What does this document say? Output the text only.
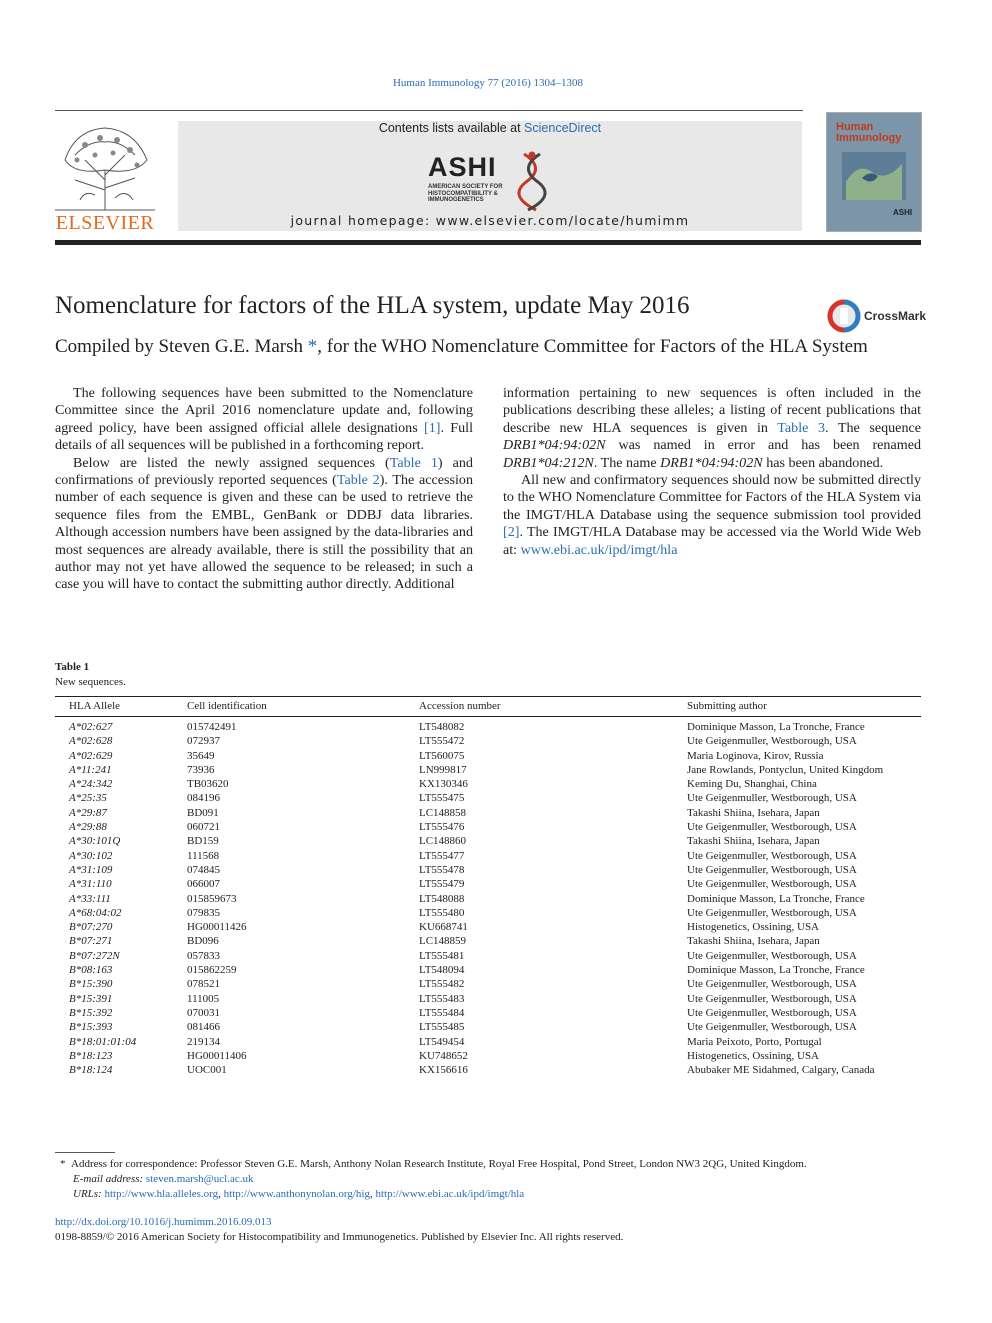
Human Immunology 77 (2016) 1304–1308
ELSEVIER
Contents lists available at ScienceDirect
ASHI
AMERICAN SOCIETY FOR HISTOCOMPATIBILITY & IMMUNOGENETICS
journal homepage: www.elsevier.com/locate/humimm
Human Immunology
ASHI
Nomenclature for factors of the HLA system, update May 2016	CrossMark
Compiled by Steven G.E. Marsh *, for the WHO Nomenclature Committee for Factors of the HLA System

The following sequences have been submitted to the Nomenclature Committee since the April 2016 nomenclature update and, following agreed policy, have been assigned official allele designations [1]. Full details of all sequences will be published in a forthcoming report.

Below are listed the newly assigned sequences (Table 1) and confirmations of previously reported sequences (Table 2). The accession number of each sequence is given and these can be used to retrieve the sequence files from the EMBL, GenBank or DDBJ data libraries. Although accession numbers have been assigned by the data-libraries and most sequences are already available, there is still the possibility that an author may not yet have allowed the sequence to be released; in such a case you will have to contact the submitting author directly. Additional

information pertaining to new sequences is often included in the publications describing these alleles; a listing of recent publications that describe new HLA sequences is given in Table 3. The sequence DRB1*04:94:02N was named in error and has been renamed DRB1*04:212N. The name DRB1*04:94:02N has been abandoned.

All new and confirmatory sequences should now be submitted directly to the WHO Nomenclature Committee for Factors of the HLA System via the IMGT/HLA Database using the sequence submission tool provided [2]. The IMGT/HLA Database may be accessed via the World Wide Web at: www.ebi.ac.uk/ipd/imgt/hla

Table 1
New sequences.
HLA Allele	Cell identification	Accession number	Submitting author
A*02:627	015742491	LT548082	Dominique Masson, La Tronche, France
A*02:628	072937	LT555472	Ute Geigenmuller, Westborough, USA
A*02:629	35649	LT560075	Maria Loginova, Kirov, Russia
A*11:241	73936	LN999817	Jane Rowlands, Pontyclun, United Kingdom
A*24:342	TB03620	KX130346	Keming Du, Shanghai, China
A*25:35	084196	LT555475	Ute Geigenmuller, Westborough, USA
A*29:87	BD091	LC148858	Takashi Shiina, Isehara, Japan
A*29:88	060721	LT555476	Ute Geigenmuller, Westborough, USA
A*30:101Q	BD159	LC148860	Takashi Shiina, Isehara, Japan
A*30:102	111568	LT555477	Ute Geigenmuller, Westborough, USA
A*31:109	074845	LT555478	Ute Geigenmuller, Westborough, USA
A*31:110	066007	LT555479	Ute Geigenmuller, Westborough, USA
A*33:111	015859673	LT548088	Dominique Masson, La Tronche, France
A*68:04:02	079835	LT555480	Ute Geigenmuller, Westborough, USA
B*07:270	HG00011426	KU668741	Histogenetics, Ossining, USA
B*07:271	BD096	LC148859	Takashi Shiina, Isehara, Japan
B*07:272N	057833	LT555481	Ute Geigenmuller, Westborough, USA
B*08:163	015862259	LT548094	Dominique Masson, La Tronche, France
B*15:390	078521	LT555482	Ute Geigenmuller, Westborough, USA
B*15:391	111005	LT555483	Ute Geigenmuller, Westborough, USA
B*15:392	070031	LT555484	Ute Geigenmuller, Westborough, USA
B*15:393	081466	LT555485	Ute Geigenmuller, Westborough, USA
B*18:01:01:04	219134	LT549454	Maria Peixoto, Porto, Portugal
B*18:123	HG00011406	KU748652	Histogenetics, Ossining, USA
B*18:124	UOC001	KX156616	Abubaker ME Sidahmed, Calgary, Canada
* Address for correspondence: Professor Steven G.E. Marsh, Anthony Nolan Research Institute, Royal Free Hospital, Pond Street, London NW3 2QG, United Kingdom.
E-mail address: steven.marsh@ucl.ac.uk
URLs: http://www.hla.alleles.org, http://www.anthonynolan.org/hig, http://www.ebi.ac.uk/ipd/imgt/hla
http://dx.doi.org/10.1016/j.humimm.2016.09.013
0198-8859/© 2016 American Society for Histocompatibility and Immunogenetics. Published by Elsevier Inc. All rights reserved.
